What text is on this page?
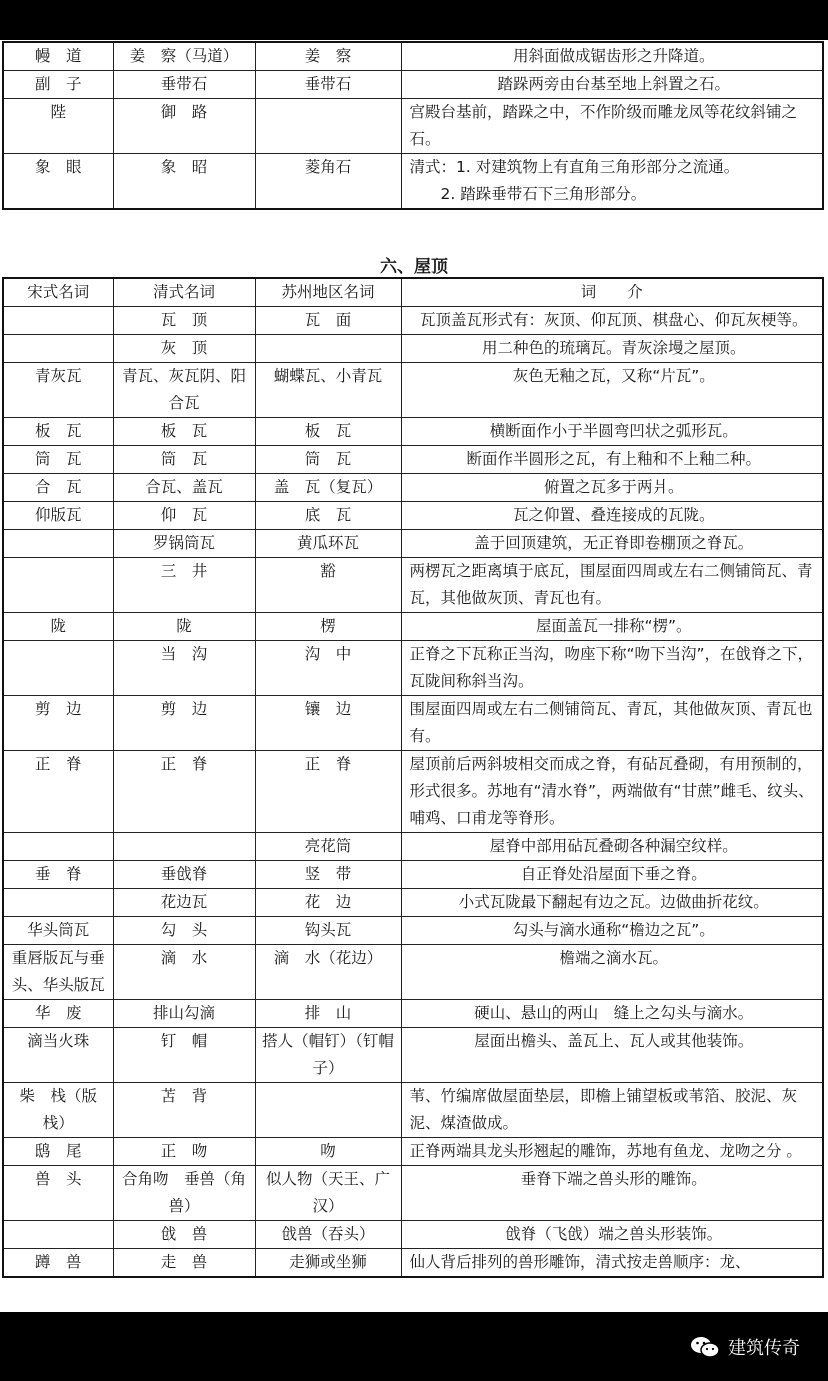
幔　道	姜　察（马道）	姜　察	用斜面做成锯齿形之升降道。
副　子	垂带石	垂带石	踏跺两旁由台基至地上斜置之石。
陛	御　路		宫殿台基前，踏跺之中，不作阶级而雕龙凤等花纹斜铺之石。
象　眼	象　昭	菱角石	清式：1. 对建筑物上有直角三角形部分之流通。
　　2. 踏跺垂带石下三角形部分。
六、屋顶
宋式名词	清式名词	苏州地区名词	词　　介
	瓦　顶	瓦　面	瓦顶盖瓦形式有：灰顶、仰瓦顶、棋盘心、仰瓦灰梗等。
	灰　顶		用二种色的琉璃瓦。青灰涂墁之屋顶。
青灰瓦	青瓦、灰瓦阴、阳合瓦	蝴蝶瓦、小青瓦	灰色无釉之瓦，又称“片瓦”。
板　瓦	板　瓦	板　瓦	横断面作小于半圆弯凹状之弧形瓦。
筒　瓦	筒　瓦	筒　瓦	断面作半圆形之瓦，有上釉和不上釉二种。
合　瓦	合瓦、盖瓦	盖　瓦（复瓦）	俯置之瓦多于两爿。
仰版瓦	仰　瓦	底　瓦	瓦之仰置、叠连接成的瓦陇。
	罗锅筒瓦	黄瓜环瓦	盖于回顶建筑，无正脊即卷棚顶之脊瓦。
	三　井	豁	两楞瓦之距离填于底瓦，围屋面四周或左右二侧铺筒瓦、青瓦，其他做灰顶、青瓦也有。
陇	陇	楞	屋面盖瓦一排称“楞”。
	当　沟	沟　中	正脊之下瓦称正当沟，吻座下称“吻下当沟”，在戗脊之下，瓦陇间称斜当沟。
剪　边	剪　边	镶　边	围屋面四周或左右二侧铺筒瓦、青瓦，其他做灰顶、青瓦也有。
正　脊	正　脊	正　脊	屋顶前后两斜坡相交而成之脊，有砧瓦叠砌，有用预制的，形式很多。苏地有“清水脊”，两端做有“甘蔗”雌毛、纹头、哺鸡、口甫龙等脊形。
		亮花筒	屋脊中部用砧瓦叠砌各种漏空纹样。
垂　脊	垂戗脊	竖　带	自正脊处沿屋面下垂之脊。
	花边瓦	花　边	小式瓦陇最下翻起有边之瓦。边做曲折花纹。
华头筒瓦	勾　头	钩头瓦	勾头与滴水通称“檐边之瓦”。
重唇版瓦与垂头、华头版瓦	滴　水	滴　水（花边）	檐端之滴水瓦。
华　废	排山勾滴	排　山	硬山、悬山的两山　缝上之勾头与滴水。
滴当火珠	钉　帽	搭人（帽钉）（钉帽子）	屋面出檐头、盖瓦上、瓦人或其他装饰。
柴　栈（版栈）	苫　背		苇、竹编席做屋面垫层，即檐上铺望板或苇箔、胶泥、灰泥、煤渣做成。
鸱　尾	正　吻	吻	正脊两端具龙头形翘起的雕饰，苏地有鱼龙、龙吻之分 。
兽　头	合角吻　垂兽（角兽）	似人物（天王、广汉）	垂脊下端之兽头形的雕饰。
	戗　兽	戗兽（吞头）	戗脊（飞戗）端之兽头形装饰。
蹲　兽	走　兽	走狮或坐狮	仙人背后排列的兽形雕饰，清式按走兽顺序：龙、
建筑传奇
